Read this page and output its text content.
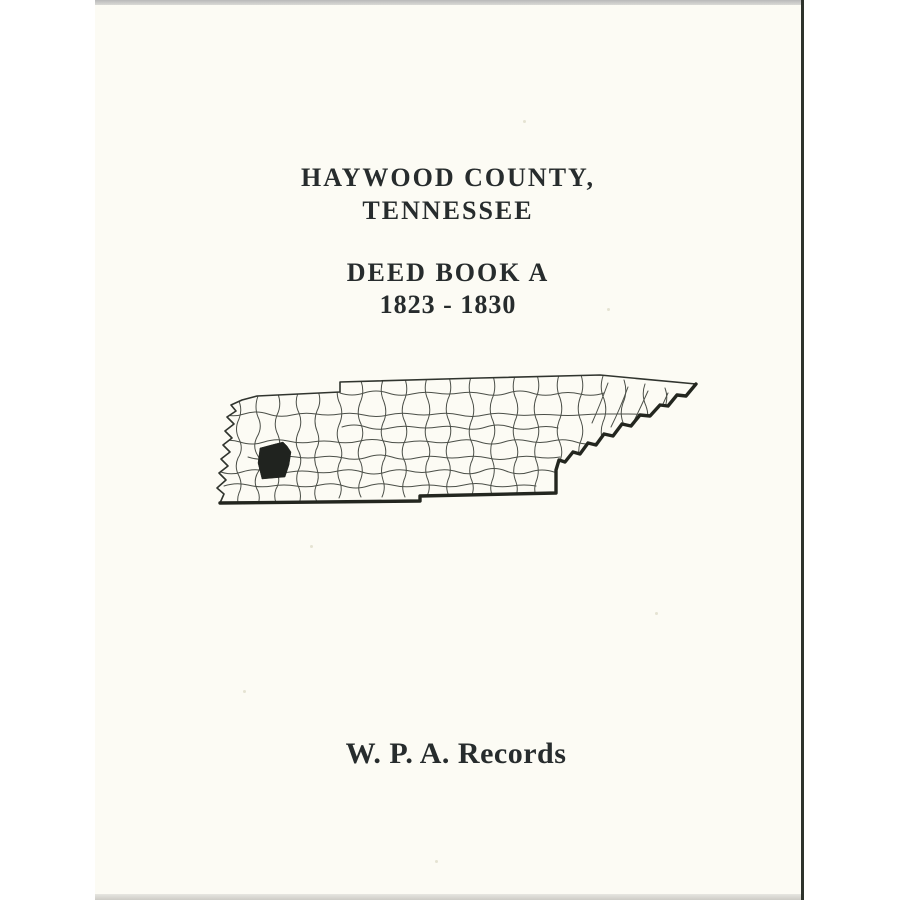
HAYWOOD COUNTY,
TENNESSEE
DEED BOOK A
1823 - 1830
W. P. A. Records
